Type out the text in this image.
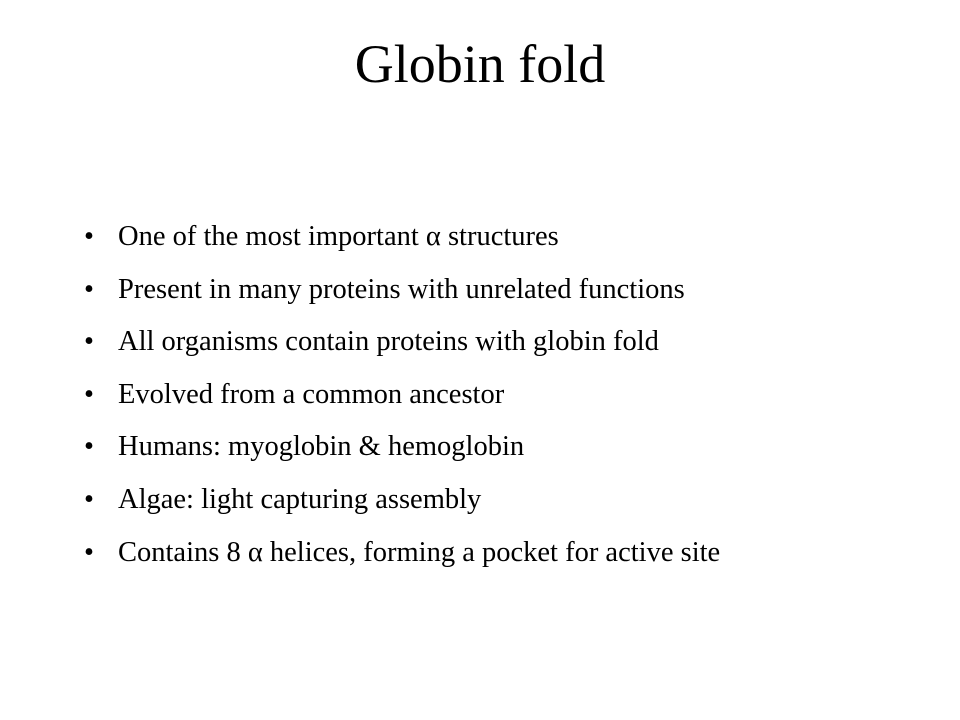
Globin fold
• One of the most important α structures
• Present in many proteins with unrelated functions
• All organisms contain proteins with globin fold
• Evolved from a common ancestor
• Humans: myoglobin & hemoglobin
• Algae: light capturing assembly
• Contains 8 α helices, forming a pocket for active site
